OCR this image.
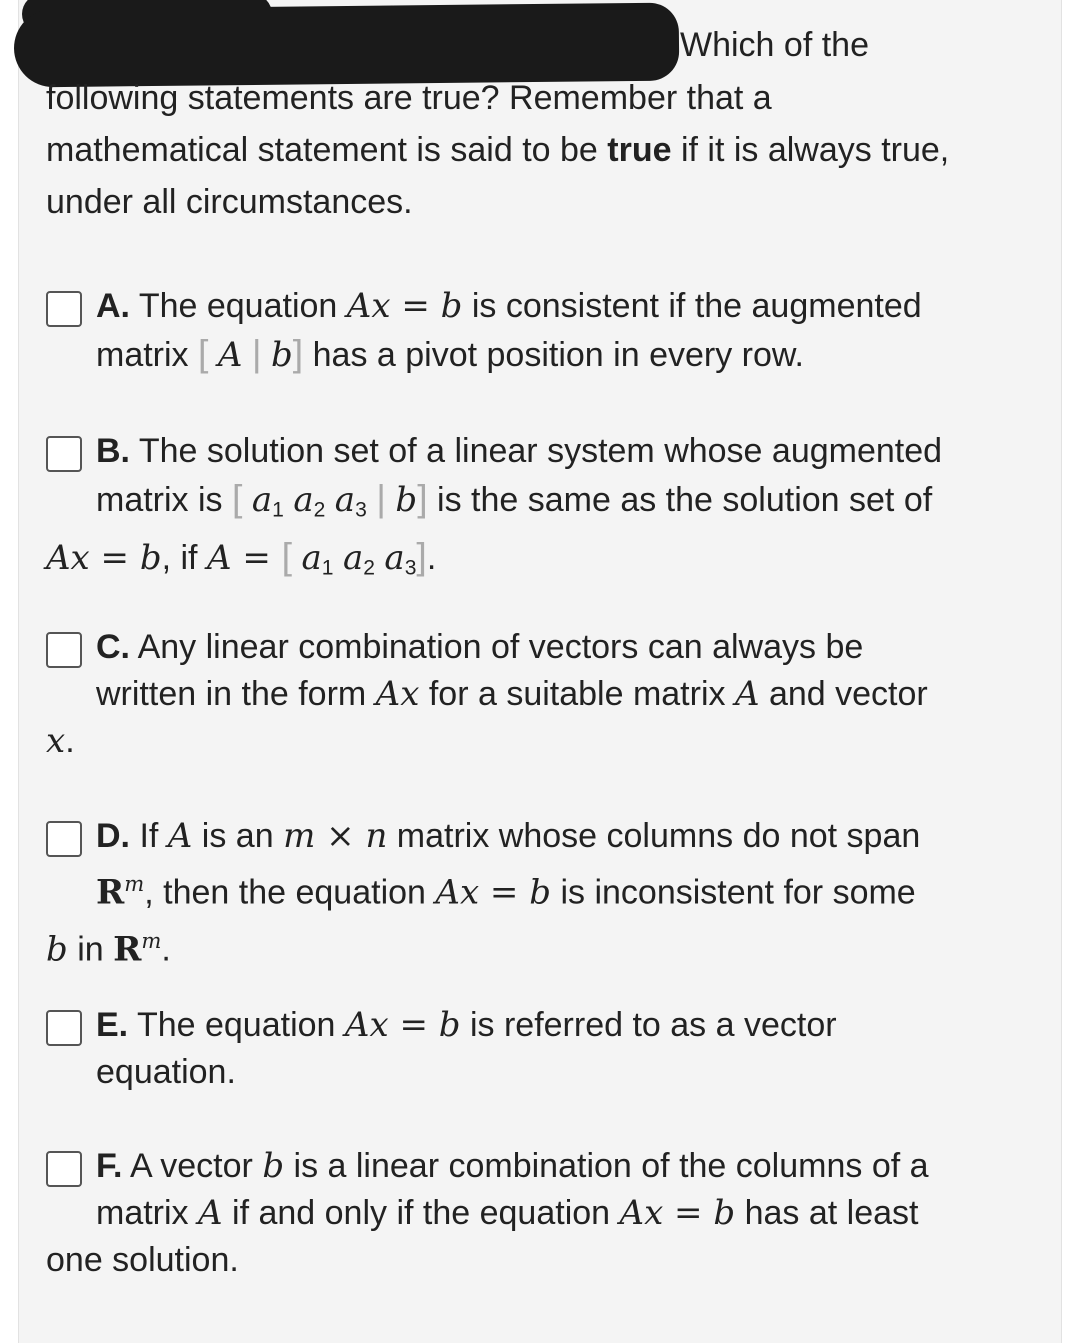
Which of the
following statements are true? Remember that a
mathematical statement is said to be true if it is always true,
under all circumstances.
A. The equation Ax = b is consistent if the augmented
matrix [ A | b] has a pivot position in every row.
B. The solution set of a linear system whose augmented
matrix is [ $a_1$ $a_2$ $a_3$ | b] is the same as the solution set of
Ax = b, if A = [ $a_1$ $a_2$ $a_3$].
C. Any linear combination of vectors can always be
written in the form Ax for a suitable matrix A and vector
x.
D. If A is an m × n matrix whose columns do not span
$R^m$, then the equation Ax = b is inconsistent for some
b in $R^m$.
E. The equation Ax = b is referred to as a vector
equation.
F. A vector b is a linear combination of the columns of a
matrix A if and only if the equation Ax = b has at least
one solution.
